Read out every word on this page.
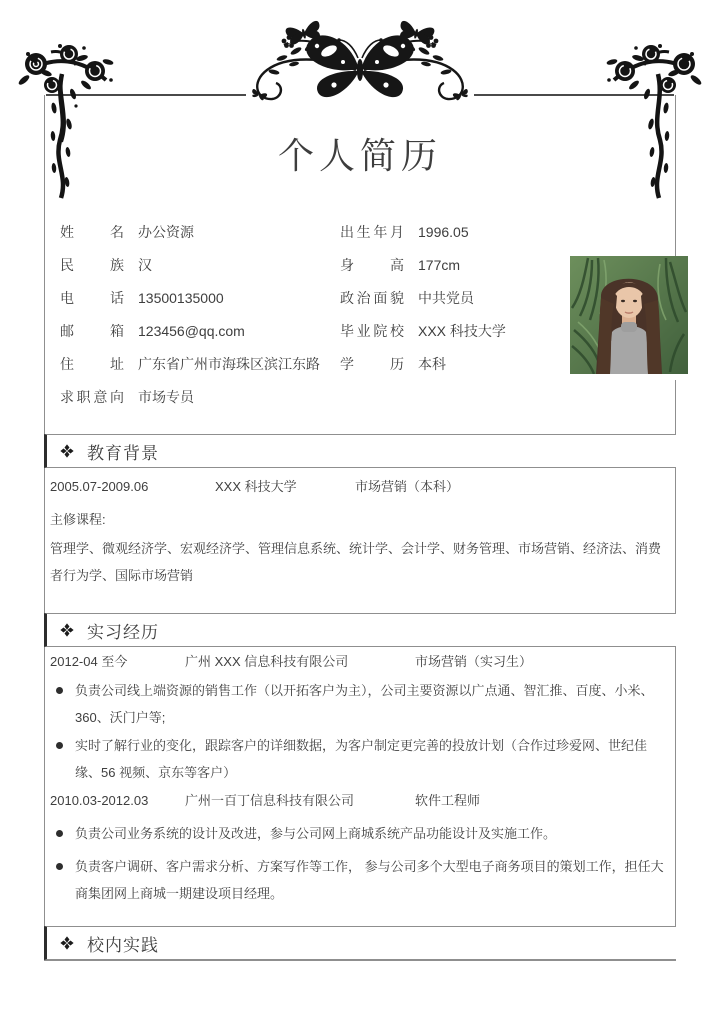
个人简历
姓名 办公资源
民族 汉
电话 13500135000
邮箱 123456@qq.com
住址 广东省广州市海珠区滨江东路
求职意向 市场专员
出生年月 1996.05
身高 177cm
政治面貌 中共党员
毕业院校 XXX 科技大学
学历 本科
教育背景
2005.07-2009.06	XXX 科技大学	市场营销（本科）
主修课程:
管理学、微观经济学、宏观经济学、管理信息系统、统计学、会计学、财务管理、市场营销、经济法、消费者行为学、国际市场营销
实习经历
2012-04 至今	广州 XXX 信息科技有限公司	市场营销（实习生）
负责公司线上端资源的销售工作（以开拓客户为主），公司主要资源以广点通、智汇推、百度、小米、360、沃门户等;
实时了解行业的变化，跟踪客户的详细数据，为客户制定更完善的投放计划（合作过珍爱网、世纪佳缘、56 视频、京东等客户）
2010.03-2012.03	广州一百丁信息科技有限公司	软件工程师
负责公司业务系统的设计及改进，参与公司网上商城系统产品功能设计及实施工作。
负责客户调研、客户需求分析、方案写作等工作， 参与公司多个大型电子商务项目的策划工作，担任大商集团网上商城一期建设项目经理。
校内实践
